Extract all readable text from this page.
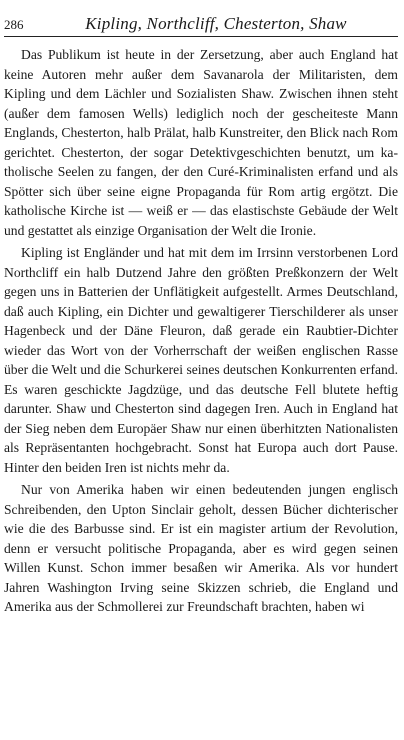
286	Kipling, Northcliff, Chesterton, Shaw

Das Publikum ist heute in der Zersetzung, aber auch England hat keine Autoren mehr außer dem Savanarola der Militaristen, dem Kipling und dem Lächler und Sozialisten Shaw. Zwischen ihnen steht (außer dem famosen Wells) lediglich noch der gescheiteste Mann Englands, Chesterton, halb Prälat, halb Kunstreiter, den Blick nach Rom gerichtet. Chesterton, der sogar Detektivgeschichten benutzt, um katholische Seelen zu fangen, der den Curé-Kriminalisten erfand und als Spötter sich über seine eigne Propaganda für Rom artig ergötzt. Die katholische Kirche ist — weiß er — das elastischste Gebäude der Welt und gestattet als einzige Organisation der Welt die Ironie.

Kipling ist Engländer und hat mit dem im Irrsinn verstorbenen Lord Northcliff ein halb Dutzend Jahre den größten Preßkonzern der Welt gegen uns in Batterien der Unflätigkeit aufgestellt. Armes Deutschland, daß auch Kipling, ein Dichter und gewaltigerer Tierschilderer als unser Hagenbeck und der Däne Fleuron, daß gerade ein Raubtier-Dichter wieder das Wort von der Vorherrschaft der weißen englischen Rasse über die Welt und die Schurkerei seines deutschen Konkurrenten erfand. Es waren geschickte Jagdzüge, und das deutsche Fell blutete heftig darunter. Shaw und Chesterton sind dagegen Iren. Auch in England hat der Sieg neben dem Europäer Shaw nur einen überhitzten Nationalisten als Repräsentanten hochgebracht. Sonst hat Europa auch dort Pause. Hinter den beiden Iren ist nichts mehr da.

Nur von Amerika haben wir einen bedeutenden jungen englisch Schreibenden, den Upton Sinclair geholt, dessen Bücher dichterischer wie die des Barbusse sind. Er ist ein magister artium der Revolution, denn er versucht politische Propaganda, aber es wird gegen seinen Willen Kunst. Schon immer besaßen wir Amerika. Als vor hundert Jahren Washington Irving seine Skizzen schrieb, die England und Amerika aus der Schmollerei zur Freundschaft brachten, haben wi
